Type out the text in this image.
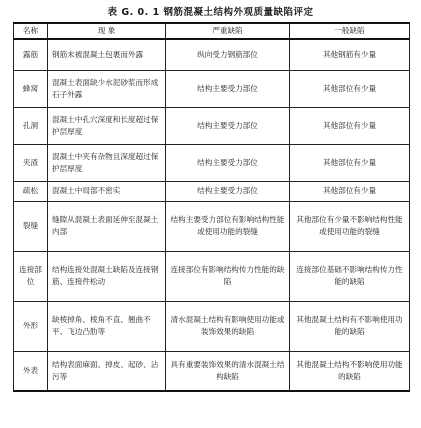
表 G. 0. 1 钢筋混凝土结构外观质量缺陷评定
名称	现 象	严重缺陷	一般缺陷
露筋	钢筋未被混凝土包裹而外露	纵向受力钢筋部位	其他钢筋有少量
蜂窝	混凝土表面缺少水泥砂浆而形成石子外露	结构主要受力部位	其他部位有少量
孔洞	混凝土中孔穴深度和长度超过保护层厚度	结构主要受力部位	其他部位有少量
夹渣	混凝土中夹有杂物且深度超过保护层厚度	结构主要受力部位	其他部位有少量
疏松	混凝土中局部不密实	结构主要受力部位	其他部位有少量
裂缝	缝隙从混凝土表面延伸至混凝土内部	结构主要受力部位有影响结构性能或使用功能的裂缝	其他部位有少量不影响结构性能或使用功能的裂缝
连接部位	结构连接处混凝土缺陷及连接钢筋、连接件松动	连接部位有影响结构传力性能的缺陷	连接部位基础不影响结构传力性能的缺陷
外形	缺棱掉角、棱角不直、翘曲不平、飞边凸肋等	清水混凝土结构有影响使用功能或装饰效果的缺陷	其他混凝土结构有不影响使用功能的缺陷
外表	结构表面麻面、掉皮、起砂、沾污等	具有重要装饰效果的清水混凝土结构缺陷	其他混凝土结构不影响使用功能的缺陷
